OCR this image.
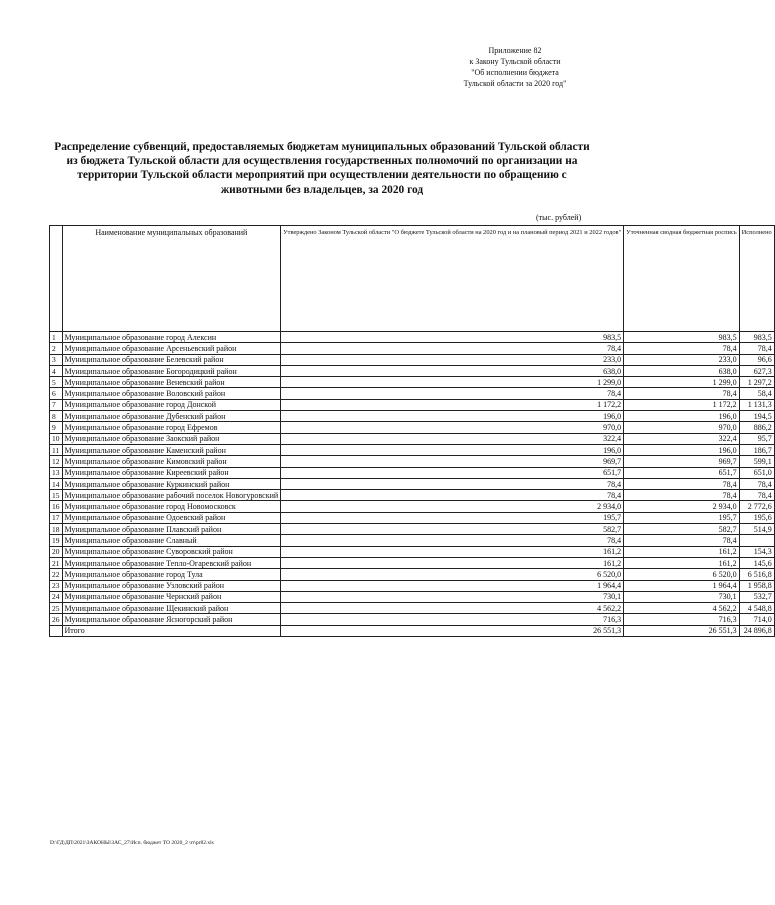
Приложение 82
к Закону Тульской области
"Об исполнении бюджета
Тульской области за 2020 год"
Распределение субвенций, предоставляемых бюджетам муниципальных образований Тульской области из бюджета Тульской области для осуществления государственных полномочий по организации на территории Тульской области мероприятий при осуществлении деятельности по обращению с животными без владельцев, за 2020 год
(тыс. рублей)
	Наименование муниципальных образований	Утверждено Законом Тульской области "О бюджете Тульской области на 2020 год и на плановый период 2021 и 2022 годов"	Уточненная сводная бюджетная роспись	Исполнено
1	Муниципальное образование город Алексин	983,5	983,5	983,5
2	Муниципальное образование Арсеньевский район	78,4	78,4	78,4
3	Муниципальное образование Белевский район	233,0	233,0	96,6
4	Муниципальное образование Богородицкий район	638,0	638,0	627,3
5	Муниципальное образование Веневский район	1 299,0	1 299,0	1 297,2
6	Муниципальное образование Воловский район	78,4	78,4	58,4
7	Муниципальное образование город Донской	1 172,2	1 172,2	1 131,3
8	Муниципальное образование Дубенский район	196,0	196,0	194,5
9	Муниципальное образование город Ефремов	970,0	970,0	886,2
10	Муниципальное образование Заокский район	322,4	322,4	95,7
11	Муниципальное образование Каменский район	196,0	196,0	186,7
12	Муниципальное образование Кимовский район	969,7	969,7	599,1
13	Муниципальное образование Киреевский район	651,7	651,7	651,0
14	Муниципальное образование Куркинский район	78,4	78,4	78,4
15	Муниципальное образование рабочий поселок Новогуровский	78,4	78,4	78,4
16	Муниципальное образование город Новомосковск	2 934,0	2 934,0	2 772,6
17	Муниципальное образование Одоевский район	195,7	195,7	195,6
18	Муниципальное образование Плавский район	582,7	582,7	514,9
19	Муниципальное образование Славный	78,4	78,4	
20	Муниципальное образование Суворовский район	161,2	161,2	154,3
21	Муниципальное образование Тепло-Огаревский район	161,2	161,2	145,6
22	Муниципальное образование город Тула	6 520,0	6 520,0	6 516,8
23	Муниципальное образование Узловский район	1 964,4	1 964,4	1 958,8
24	Муниципальное образование Чернский район	730,1	730,1	532,7
25	Муниципальное образование Щекинский район	4 562,2	4 562,2	4 548,8
26	Муниципальное образование Ясногорский район	716,3	716,3	714,0
	Итого	26 551,3	26 551,3	24 896,8
D:\ГД\ДП\2021\ЗАКОНЫ\ЗАС_27\Исп. бюджет ТО 2020_2 чт\pr82.xls
